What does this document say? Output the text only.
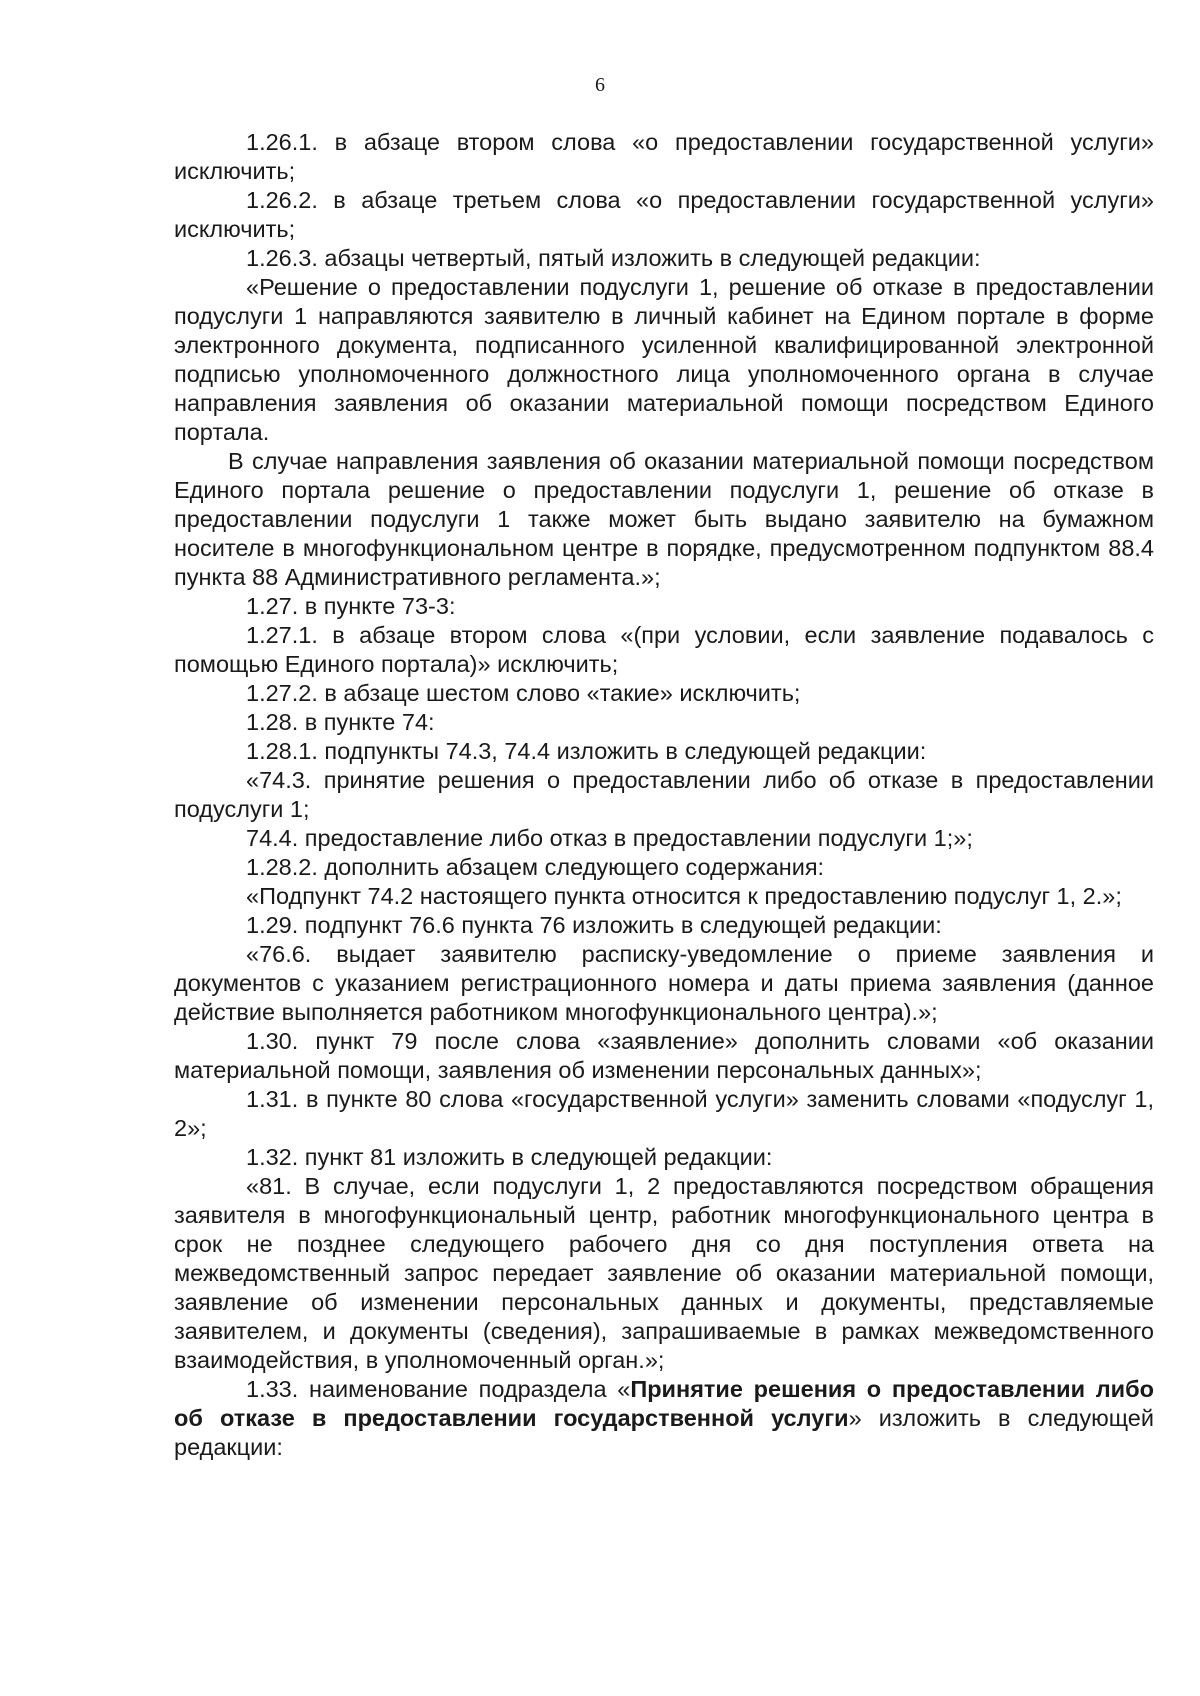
6

1.26.1. в абзаце втором слова «о предоставлении государственной услуги» исключить;

1.26.2. в абзаце третьем слова «о предоставлении государственной услуги» исключить;

1.26.3. абзацы четвертый, пятый изложить в следующей редакции:

«Решение о предоставлении подуслуги 1, решение об отказе в предоставлении подуслуги 1 направляются заявителю в личный кабинет на Едином портале в форме электронного документа, подписанного усиленной квалифицированной электронной подписью уполномоченного должностного лица уполномоченного органа в случае направления заявления об оказании материальной помощи посредством Единого портала.

В случае направления заявления об оказании материальной помощи посредством Единого портала решение о предоставлении подуслуги 1, решение об отказе в предоставлении подуслуги 1 также может быть выдано заявителю на бумажном носителе в многофункциональном центре в порядке, предусмотренном подпунктом 88.4 пункта 88 Административного регламента.»;

1.27. в пункте 73-3:

1.27.1. в абзаце втором слова «(при условии, если заявление подавалось с помощью Единого портала)» исключить;

1.27.2. в абзаце шестом слово «такие» исключить;

1.28. в пункте 74:

1.28.1. подпункты 74.3, 74.4 изложить в следующей редакции:

«74.3. принятие решения о предоставлении либо об отказе в предоставлении подуслуги 1;

74.4. предоставление либо отказ в предоставлении подуслуги 1;»;

1.28.2. дополнить абзацем следующего содержания:

«Подпункт 74.2 настоящего пункта относится к предоставлению подуслуг 1, 2.»;

1.29. подпункт 76.6 пункта 76 изложить в следующей редакции:

«76.6. выдает заявителю расписку-уведомление о приеме заявления и документов с указанием регистрационного номера и даты приема заявления (данное действие выполняется работником многофункционального центра).»;

1.30. пункт 79 после слова «заявление» дополнить словами «об оказании материальной помощи, заявления об изменении персональных данных»;

1.31. в пункте 80 слова «государственной услуги» заменить словами «подуслуг 1, 2»;

1.32. пункт 81 изложить в следующей редакции:

«81. В случае, если подуслуги 1, 2 предоставляются посредством обращения заявителя в многофункциональный центр, работник многофункционального центра в срок не позднее следующего рабочего дня со дня поступления ответа на межведомственный запрос передает заявление об оказании материальной помощи, заявление об изменении персональных данных и документы, представляемые заявителем, и документы (сведения), запрашиваемые в рамках межведомственного взаимодействия, в уполномоченный орган.»;

1.33. наименование подраздела «Принятие решения о предоставлении либо об отказе в предоставлении государственной услуги» изложить в следующей редакции:
